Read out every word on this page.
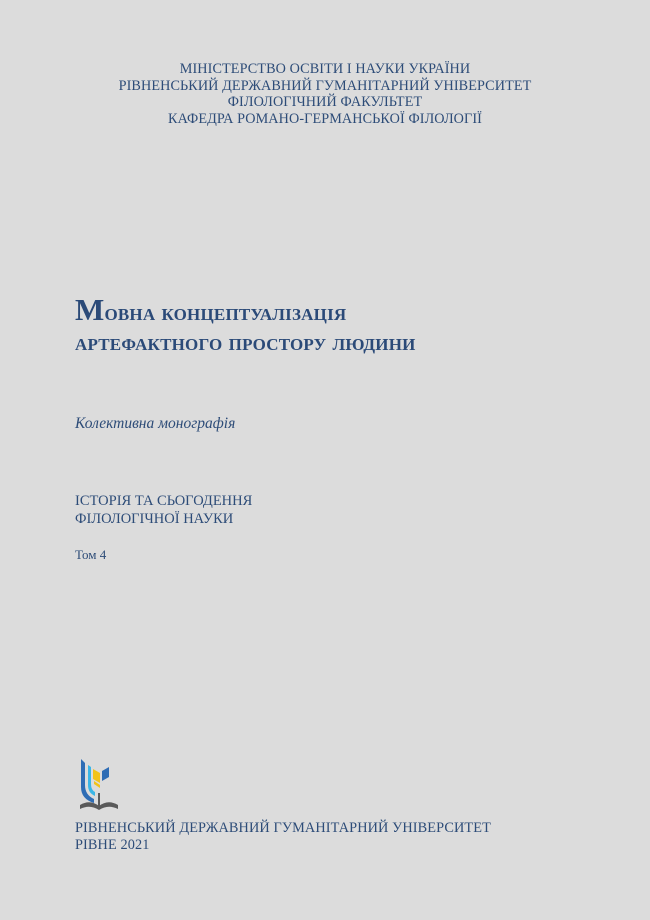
МІНІСТЕРСТВО ОСВІТИ І НАУКИ УКРАЇНИ
РІВНЕНСЬКИЙ ДЕРЖАВНИЙ ГУМАНІТАРНИЙ УНІВЕРСИТЕТ
ФІЛОЛОГІЧНИЙ ФАКУЛЬТЕТ
КАФЕДРА РОМАНО-ГЕРМАНСЬКОЇ ФІЛОЛОГІЇ
Мовна концептуалізація
артефактного простору людини
Колективна монографія
ІСТОРІЯ ТА СЬОГОДЕННЯ
ФІЛОЛОГІЧНОЇ НАУКИ
Том 4
РІВНЕНСЬКИЙ ДЕРЖАВНИЙ ГУМАНІТАРНИЙ УНІВЕРСИТЕТ
РІВНЕ 2021
